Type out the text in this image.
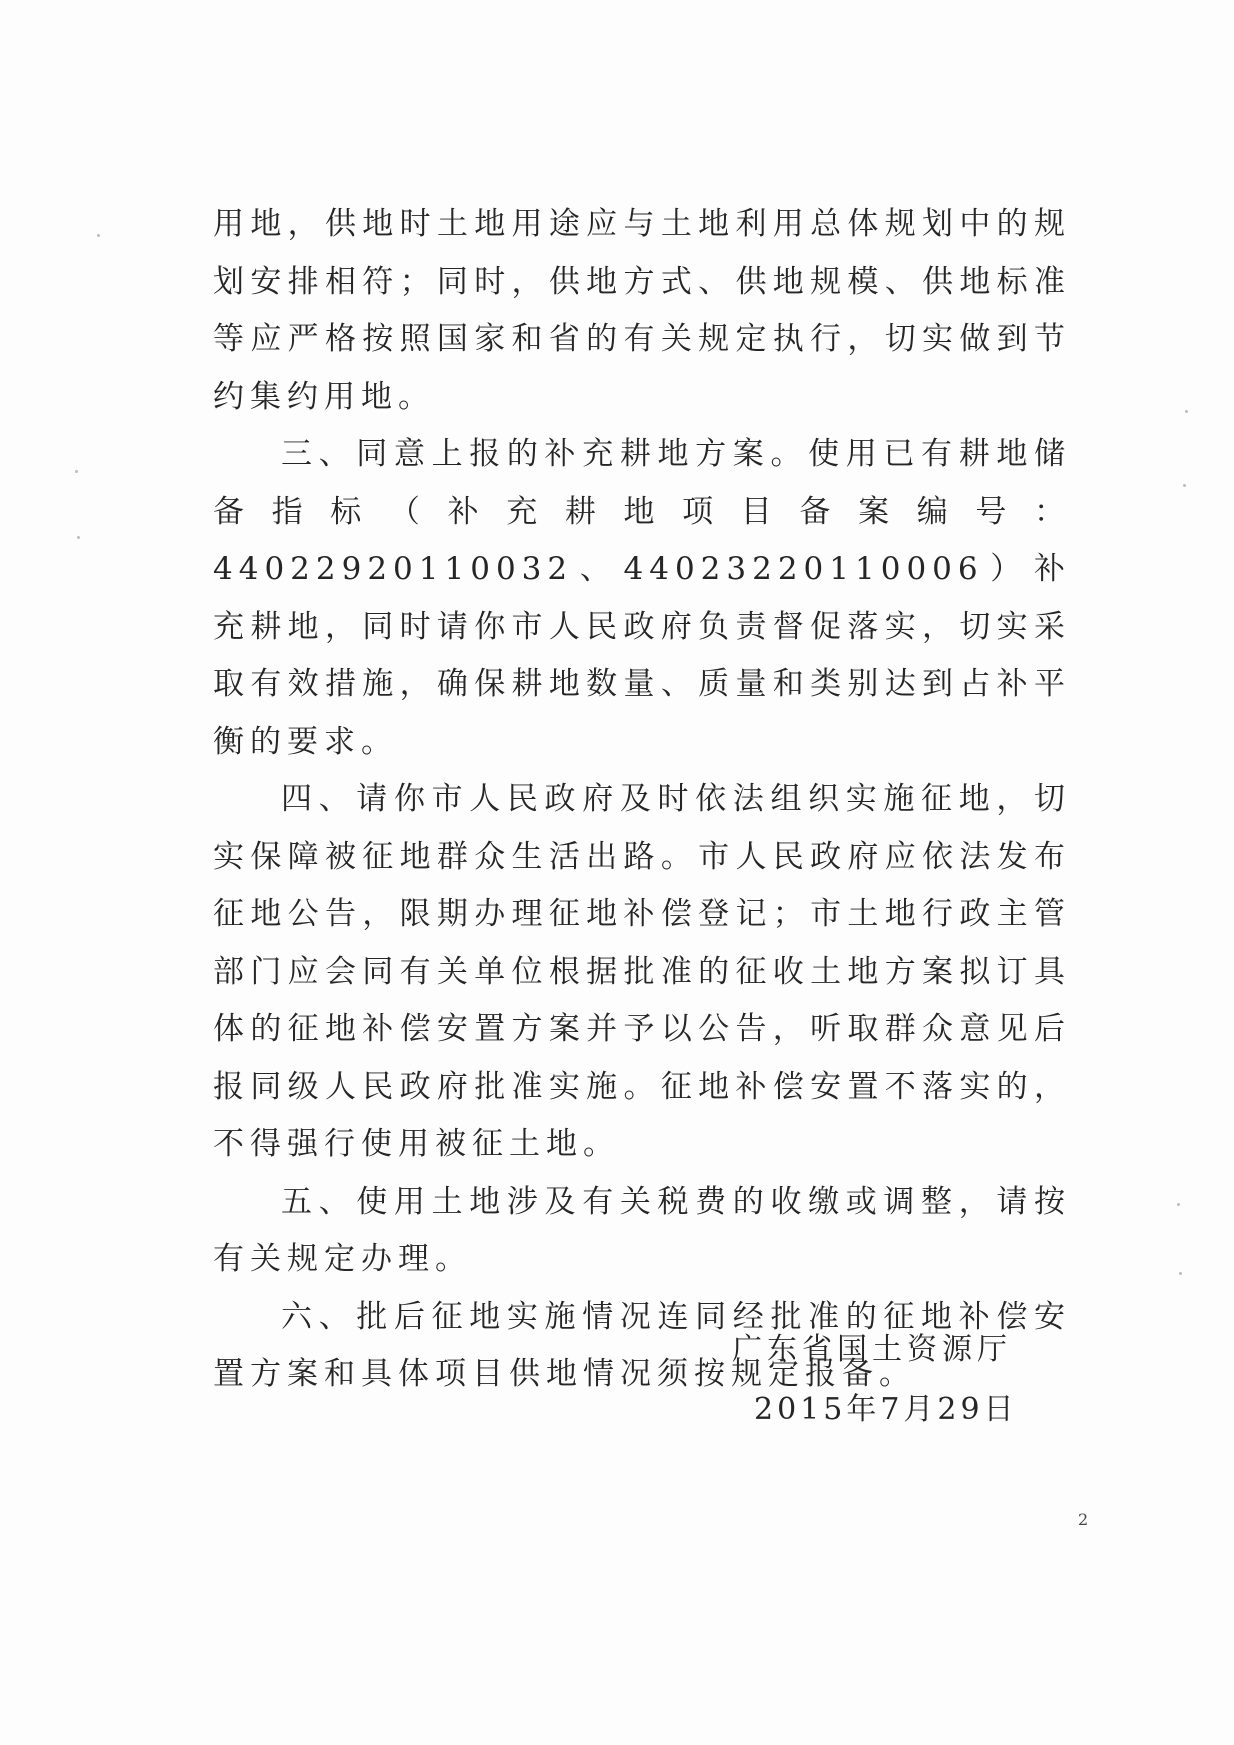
用地，供地时土地用途应与土地利用总体规划中的规划安排相符；同时，供地方式、供地规模、供地标准等应严格按照国家和省的有关规定执行，切实做到节约集约用地。

三、同意上报的补充耕地方案。使用已有耕地储备指标（补充耕地项目备案编号：44022920110032、44023220110006）补充耕地，同时请你市人民政府负责督促落实，切实采取有效措施，确保耕地数量、质量和类别达到占补平衡的要求。

四、请你市人民政府及时依法组织实施征地，切实保障被征地群众生活出路。市人民政府应依法发布征地公告，限期办理征地补偿登记；市土地行政主管部门应会同有关单位根据批准的征收土地方案拟订具体的征地补偿安置方案并予以公告，听取群众意见后报同级人民政府批准实施。征地补偿安置不落实的，不得强行使用被征土地。

五、使用土地涉及有关税费的收缴或调整，请按有关规定办理。

六、批后征地实施情况连同经批准的征地补偿安置方案和具体项目供地情况须按规定报备。

广东省国土资源厅
2015年7月29日
2
